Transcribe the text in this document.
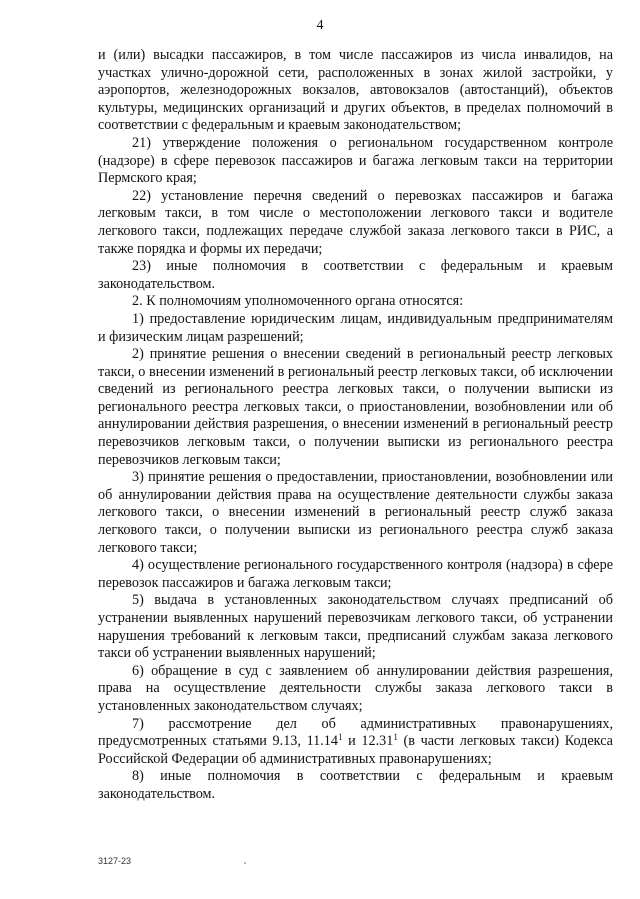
4

и (или) высадки пассажиров, в том числе пассажиров из числа инвалидов, на участках улично-дорожной сети, расположенных в зонах жилой застройки, у аэропортов, железнодорожных вокзалов, автовокзалов (автостанций), объектов культуры, медицинских организаций и других объектов, в пределах полномочий в соответствии с федеральным и краевым законодательством;

21) утверждение положения о региональном государственном контроле (надзоре) в сфере перевозок пассажиров и багажа легковым такси на территории Пермского края;

22) установление перечня сведений о перевозках пассажиров и багажа легковым такси, в том числе о местоположении легкового такси и водителе легкового такси, подлежащих передаче службой заказа легкового такси в РИС, а также порядка и формы их передачи;

23) иные полномочия в соответствии с федеральным и краевым законодательством.

2. К полномочиям уполномоченного органа относятся:

1) предоставление юридическим лицам, индивидуальным предпринимателям и физическим лицам разрешений;

2) принятие решения о внесении сведений в региональный реестр легковых такси, о внесении изменений в региональный реестр легковых такси, об исключении сведений из регионального реестра легковых такси, о получении выписки из регионального реестра легковых такси, о приостановлении, возобновлении или об аннулировании действия разрешения, о внесении изменений в региональный реестр перевозчиков легковым такси, о получении выписки из регионального реестра перевозчиков легковым такси;

3) принятие решения о предоставлении, приостановлении, возобновлении или об аннулировании действия права на осуществление деятельности службы заказа легкового такси, о внесении изменений в региональный реестр служб заказа легкового такси, о получении выписки из регионального реестра служб заказа легкового такси;

4) осуществление регионального государственного контроля (надзора) в сфере перевозок пассажиров и багажа легковым такси;

5) выдача в установленных законодательством случаях предписаний об устранении выявленных нарушений перевозчикам легкового такси, об устранении нарушения требований к легковым такси, предписаний службам заказа легкового такси об устранении выявленных нарушений;

6) обращение в суд с заявлением об аннулировании действия разрешения, права на осуществление деятельности службы заказа легкового такси в установленных законодательством случаях;

7) рассмотрение дел об административных правонарушениях, предусмотренных статьями 9.13, 11.14$^1$ и 12.31$^1$ (в части легковых такси) Кодекса Российской Федерации об административных правонарушениях;

8) иные полномочия в соответствии с федеральным и краевым законодательством.

3127-23
